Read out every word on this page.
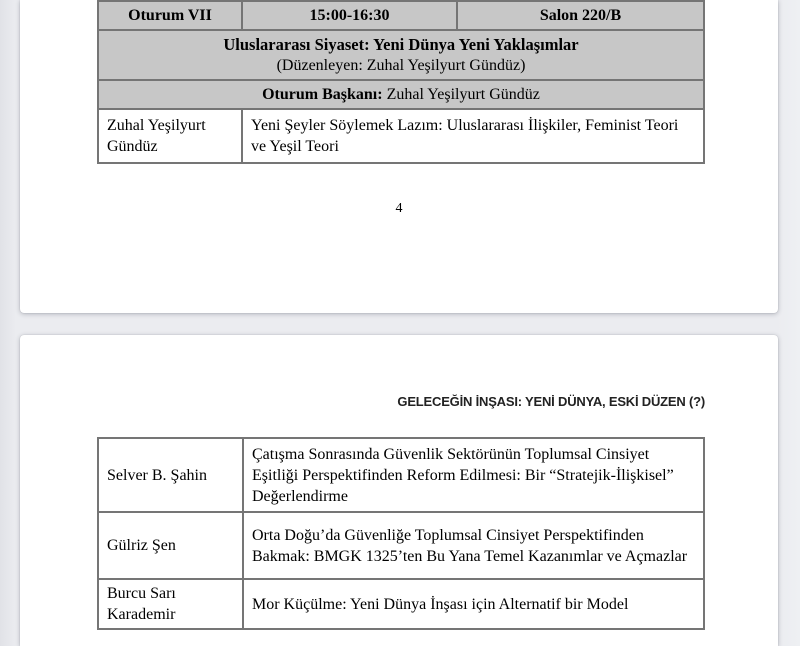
Oturum VII	15:00-16:30	Salon 220/B

Uluslararası Siyaset: Yeni Dünya Yeni Yaklaşımlar
(Düzenleyen: Zuhal Yeşilyurt Gündüz)		

Oturum Başkanı: Zuhal Yeşilyurt Gündüz		
Zuhal Yeşilyurt Gündüz	Yeni Şeyler Söylemek Lazım: Uluslararası İlişkiler, Feminist Teori ve Yeşil Teori	
4
GELECEĞİN İNŞASI: YENİ DÜNYA, ESKİ DÜZEN (?)
Selver B. Şahin	Çatışma Sonrasında Güvenlik Sektörünün Toplumsal Cinsiyet Eşitliği Perspektifinden Reform Edilmesi: Bir “Stratejik-İlişkisel” Değerlendirme
Gülriz Şen	Orta Doğu’da Güvenliğe Toplumsal Cinsiyet Perspektifinden Bakmak: BMGK 1325’ten Bu Yana Temel Kazanımlar ve Açmazlar
Burcu Sarı Karademir	Mor Küçülme: Yeni Dünya İnşası için Alternatif bir Model
